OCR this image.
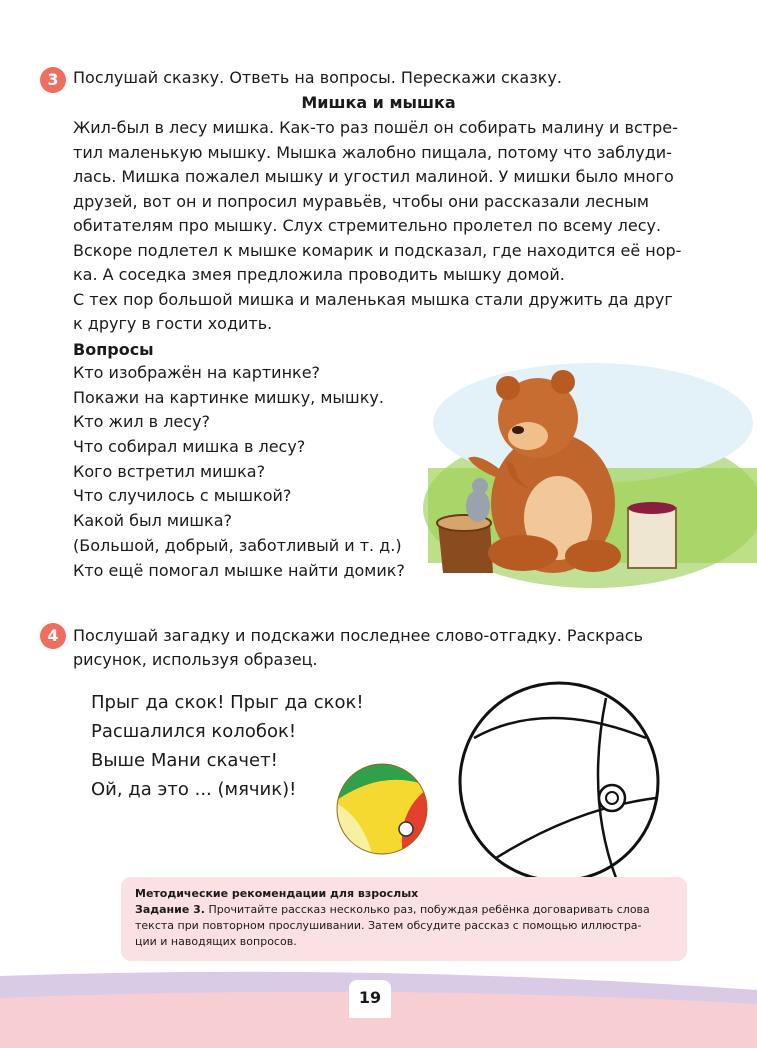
3 Послушай сказку. Ответь на вопросы. Перескажи сказку.
Мишка и мышка
Жил-был в лесу мишка. Как-то раз пошёл он собирать малину и встре-
тил маленькую мышку. Мышка жалобно пищала, потому что заблуди-
лась. Мишка пожалел мышку и угостил малиной. У мишки было много
друзей, вот он и попросил муравьёв, чтобы они рассказали лесным
обитателям про мышку. Слух стремительно пролетел по всему лесу.
Вскоре подлетел к мышке комарик и подсказал, где находится её нор-
ка. А соседка змея предложила проводить мышку домой.
С тех пор большой мишка и маленькая мышка стали дружить да друг
к другу в гости ходить.
Вопросы
Кто изображён на картинке?
Покажи на картинке мишку, мышку.
Кто жил в лесу?
Что собирал мишка в лесу?
Кого встретил мишка?
Что случилось с мышкой?
Какой был мишка?
(Большой, добрый, заботливый и т. д.)
Кто ещё помогал мышке найти домик?
4 Послушай загадку и подскажи последнее слово-отгадку. Раскрась
рисунок, используя образец.
Прыг да скок! Прыг да скок!
Расшалился колобок!
Выше Мани скачет!
Ой, да это ... (мячик)!
Методические рекомендации для взрослых
Задание 3. Прочитайте рассказ несколько раз, побуждая ребёнка договаривать слова
текста при повторном прослушивании. Затем обсудите рассказ с помощью иллюстра-
ции и наводящих вопросов.
19
